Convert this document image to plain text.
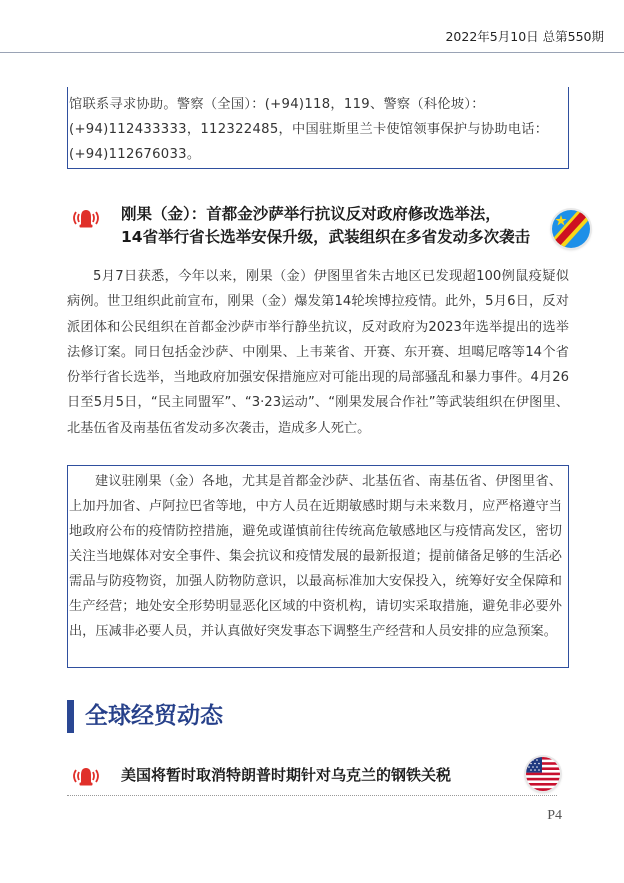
2022年5月10日 总第550期

馆联系寻求协助。警察（全国）：(+94)118，119、警察（科伦坡）：

(+94)112433333，112322485，中国驻斯里兰卡使馆领事保护与协助电话：

(+94)112676033。

刚果（金）：首都金沙萨举行抗议反对政府修改选举法，
14省举行省长选举安保升级，武装组织在多省发动多次袭击

5月7日获悉，今年以来，刚果（金）伊图里省朱古地区已发现超100例鼠疫疑似病例。世卫组织此前宣布，刚果（金）爆发第14轮埃博拉疫情。此外，5月6日，反对派团体和公民组织在首都金沙萨市举行静坐抗议，反对政府为2023年选举提出的选举法修订案。同日包括金沙萨、中刚果、上韦莱省、开赛、东开赛、坦噶尼喀等14个省份举行省长选举，当地政府加强安保措施应对可能出现的局部骚乱和暴力事件。4月26日至5月5日，“民主同盟军”、“3·23运动”、“刚果发展合作社”等武装组织在伊图里、北基伍省及南基伍省发动多次袭击，造成多人死亡。

建议驻刚果（金）各地，尤其是首都金沙萨、北基伍省、南基伍省、伊图里省、上加丹加省、卢阿拉巴省等地，中方人员在近期敏感时期与未来数月，应严格遵守当地政府公布的疫情防控措施，避免或谨慎前往传统高危敏感地区与疫情高发区，密切关注当地媒体对安全事件、集会抗议和疫情发展的最新报道；提前储备足够的生活必需品与防疫物资，加强人防物防意识，以最高标准加大安保投入，统筹好安全保障和生产经营；地处安全形势明显恶化区域的中资机构，请切实采取措施，避免非必要外出，压减非必要人员，并认真做好突发事态下调整生产经营和人员安排的应急预案。

全球经贸动态
美国将暂时取消特朗普时期针对乌克兰的钢铁关税
P4
